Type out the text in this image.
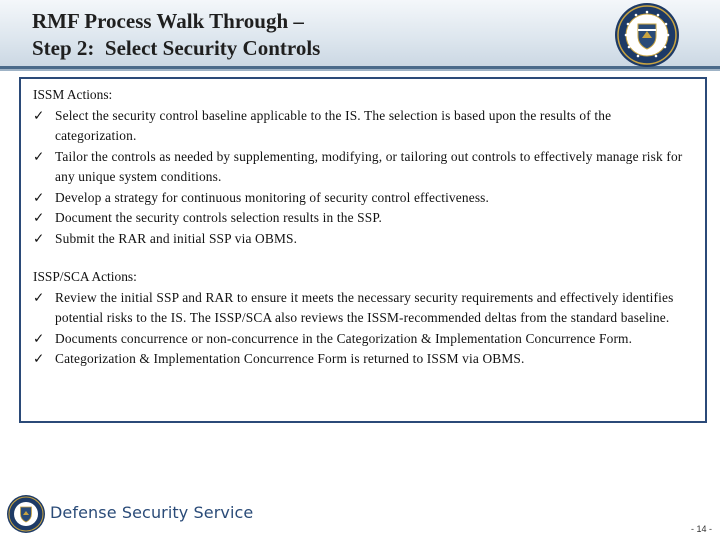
RMF Process Walk Through –
Step 2:  Select Security Controls
ISSM Actions:
✓ Select the security control baseline applicable to the IS. The selection is based upon the results of the categorization.
✓ Tailor the controls as needed by supplementing, modifying, or tailoring out controls to effectively manage risk for any unique system conditions.
✓ Develop a strategy for continuous monitoring of security control effectiveness.
✓ Document the security controls selection results in the SSP.
✓ Submit the RAR and initial SSP via OBMS.
ISSP/SCA Actions:
✓ Review the initial SSP and RAR to ensure it meets the necessary security requirements and effectively identifies potential risks to the IS. The ISSP/SCA also reviews the ISSM-recommended deltas from the standard baseline.
✓ Documents concurrence or non-concurrence in the Categorization & Implementation Concurrence Form.
✓ Categorization & Implementation Concurrence Form is returned to ISSM via OBMS.
Defense Security Service
- 14 -
